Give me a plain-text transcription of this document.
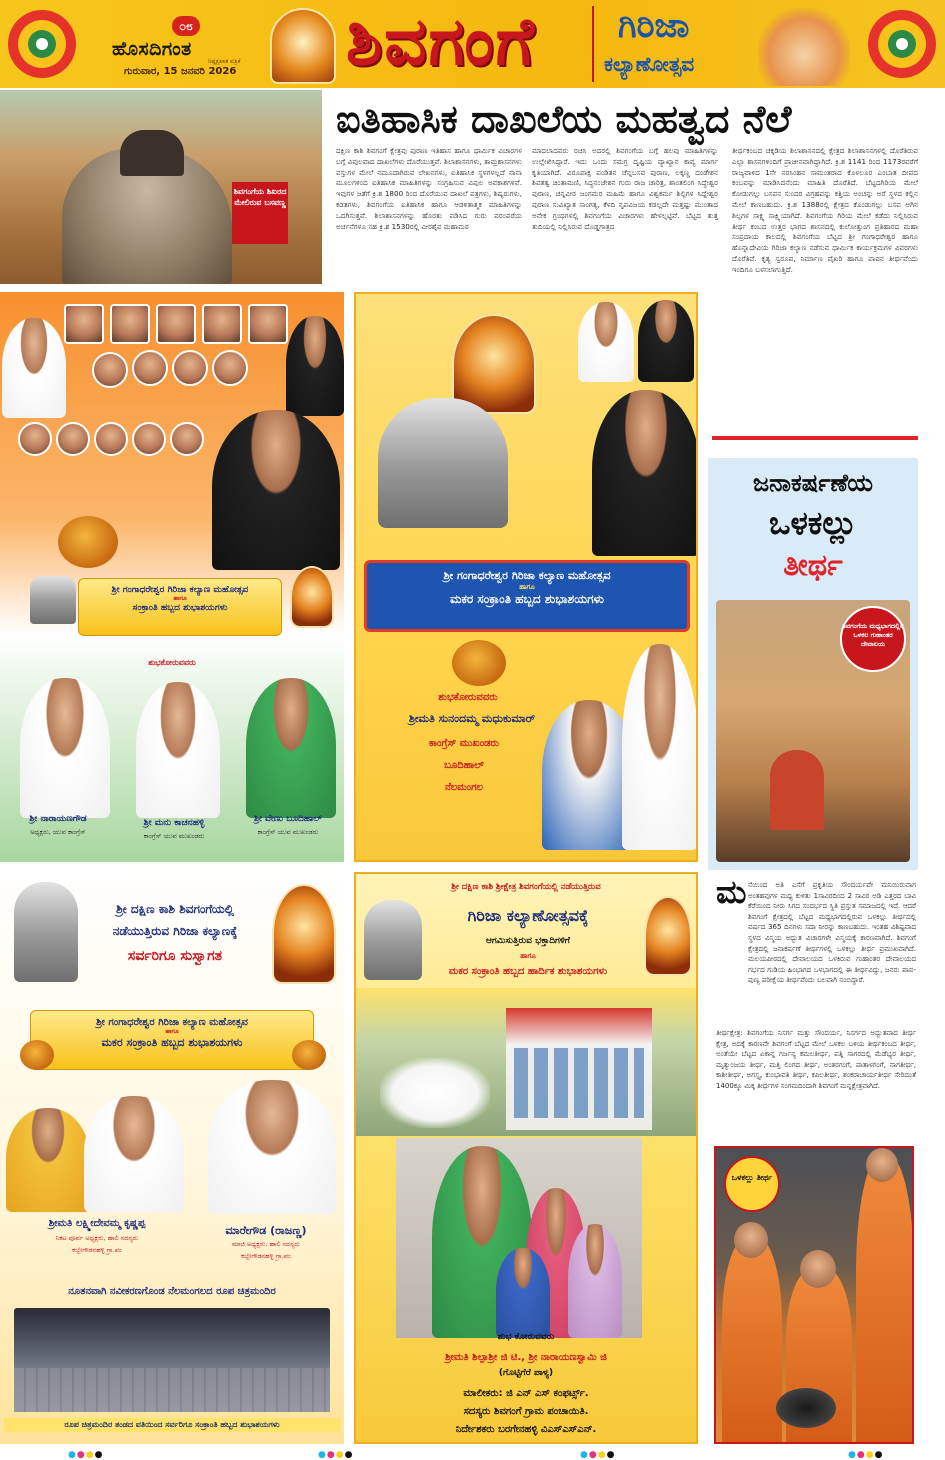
೦೮
ಹೊಸದಿಗಂತ
ನಿಷ್ಪಕ್ಷಪಾತ ಪತ್ರಿಕೆ
ಗುರುವಾರ, 15 ಜನವರಿ 2026 ಶಿವಗಂಗೆ ಗಿರಿಜಾ
ಕಲ್ಯಾಣೋತ್ಸವ
ಶಿವಗಂಗೆಯ ಶಿಖರದ ಮೇಲಿರುವ ಬಸವಣ್ಣ
ಐತಿಹಾಸಿಕ ದಾಖಲೆಯ ಮಹತ್ವದ ನೆಲೆ

ದಕ್ಷಿಣ ಕಾಶಿ ಶಿವಗಂಗೆ ಕ್ಷೇತ್ರವು ಪುರಾಣ ಇತಿಹಾಸ ಹಾಗೂ ಧಾರ್ಮಿಕ ವಿಚಾರಗಳ ಬಗ್ಗೆ ವಿಪುಲವಾದ ದಾಖಲೆಗಳು ದೊರೆಯುತ್ತವೆ. ಶಿಲಾಶಾಸನಗಳು, ತಾಮ್ರಶಾಸನಗಳು ವಸ್ತುಗಳ ಮೇಲೆ ನಮೂದಾಗಿರುವ ಲೇಖನಗಳು, ಐತಿಹಾಸಿಕ ಸ್ಥಳಗಳಲ್ಲದೆ ನಾನಾ ಮೂಲಗಳಿಂದ ಐತಿಹಾಸಿಕ ಮಾಹಿತಿಗಳನ್ನು ಸಂಗ್ರಹಿಸುವ ವಿಪುಲ ಅವಕಾಶಗಳಿವೆ. ಇವುಗಳ ಜತೆಗೆ ಕ್ರಿ.ಶ 1800 ರಿಂದ ದೊರೆಯುವ ದಾಖಲೆ ಪತ್ರಗಳು, ಶಿಷ್ಯರುಗಳು, ಕಡತಗಳು, ಶಿವಗಂಗೆಯ ಐತಿಹಾಸಿಕ ಹಾಗೂ ಆಡಳಿತಾತ್ಮಕ ಮಾಹಿತಿಗಳನ್ನು ಒದಗಿಸುತ್ತವೆ. ಶಿಲಾಶಾಸನಗಳನ್ನು ಹೊರತು ಪಡಿಸಿದ ಗುರು ಪರಂಪರೆಯ ಅರ್ಚನೆಗಳೂ ಸಹ ಕ್ರಿ.ಶ 1530ರಲ್ಲಿ ವೀರಶೈವ ಮಹಾಮಠ

ಮಾದಲಾದವರು ರಚಿಸಿ ಅದರಲ್ಲಿ ಶಿವಗಂಗೆಯ ಬಗ್ಗೆ ಹಲವು ಮಾಹಿತಿಗಳನ್ನು ಉಲ್ಲೇಖಿಸಿದ್ದಾರೆ. ಇದು ಒಂದು ಸಮಗ್ರ ದೃಷ್ಟಿಯ ವ್ಯಾಖ್ಯಾನ ಕಾವ್ಯ ಮಾರ್ಗ ಕೃತಿಯಾಗಿದೆ. ವಿರೂಪಾಕ್ಷ ಪಂಡಿತನ ಚೆನ್ನಬಸವ ಪುರಾಣ, ಲಕ್ಕಣ್ಣ ದಂಡೇಶನ ಶಿವತತ್ವ ಚಿಂತಾಮಣಿ, ಸಿದ್ಧನಂಜೇಶನ ಗುರು ರಾಜ ಚಾರಿತ್ರ, ಶಾಂತಲಿಂಗ ಸಿದ್ಧೇಶ್ವರ ಪುರಾಣ, ಚನ್ನವೀರ ಜಂಗಮರ ಮಹಿಮೆ ಹಾಗೂ ವಿಶ್ವಕರ್ಮ ಶಿಲ್ಪಿಗಳ ಸಿದ್ದೇಶ್ವರ ಪುರಾಣ ಸುವಿಖ್ಯಾತ ಸಾಂಗತ್ಯ, ಕೆಳದಿ ನೃಪವಿಜಯ ಕಡಲ್ಲದೇ ಮತ್ತಷ್ಟು ಮುಂತಾದ ಅನೇಕ ಗ್ರಂಥಗಳಲ್ಲಿ ಶಿವಗಂಗೆಯ ವಿಚಾರಗಳು ಹೇಳಲ್ಪಟ್ಟಿವೆ. ಬೆಟ್ಟದ ತುತ್ತ ತುದಿಯಲ್ಲಿ ನಿಲ್ಲಿಸಿರುವ ದೊಡ್ಡಗಾತ್ರದ

ತೀರ್ಥಕಂಬದ ಚಕ್ಕಡಿಯ ಶಿಲಾಶಾಸನದಲ್ಲಿ ಕ್ಷೇತ್ರದ ಶಿಲಾಶಾಸನಗಳಲ್ಲಿ ದೊರೆತಿರುವ ಎಲ್ಲಾ ಶಾಸನಗಳಿಂದಿಗೆ ಪ್ರಾಚೀನವಾಗಿದ್ದಾಗಿದೆ. ಕ್ರಿ.ಶ 1141 ರಿಂದ 1173ರವರೆಗೆ ರಾಜ್ಯವಾಳಿದ 1ನೇ ನರಸಿಂಹನ ಸಾಮಂತರಾದ ಕೊಳಲೂರ ಎಂಬಾತ ದೀಪದ ಕಂಬವನ್ನು ಮಾಡಿಸಿದನೆಂದು ಮಾಹಿತಿ ದೊರೆತಿದೆ. ಬೆಟ್ಟದಗಿರಿಯ ಮೇಲೆ ಕೋಡುಗಲ್ಲು ಬಸವನ ಸುಂದರ ವಿಗ್ರಹವನ್ನು ಕತ್ತಿಯ ಅಂಚನ್ನು ಅರೆ ಸ್ಥಳದ ಕಲ್ಲಿನ ಮೇಲೆ ಕಾಣಬಹುದು. ಕ್ರಿ.ಶ 1388ರಲ್ಲಿ ಕ್ಷೇತ್ರದ ಕೊಂಡುಗಲ್ಲು ಬಸವ ಅಗಿನ ಶಿಲ್ಪಗಳ ಸಾಕ್ಷ್ಯ ಸಾಕ್ಷ್ಯಿಯಾಗಿದೆ. ಶಿವಗಂಗೆಯ ಗಿರಿಯ ಮೇಲೆ ಕಡೆದು ನಿಲ್ಲಿಸಿರುವ ತೀರ್ಥ ಕಂಬದ ಉತ್ತರ ಭಾಗದ ಶಾಸನದಲ್ಲಿ ಕುಲೋತ್ತುಂಗ ಪ್ರತಿಹಾರದ ಮಹಾ ಸಂಪ್ರದಾಯ ಕಾಲದಲ್ಲಿ ಶಿವಗಂಗೆಯ ಬೆಟ್ಟದ ಶ್ರೀ ಗಂಗಾಧರೇಶ್ವರ ಹಾಗೂ ಹೊನ್ನಾದೇವಿಯ ಗಿರಿಜಾ ಕಲ್ಯಾಣ ನಡೆಸುವ ಧಾರ್ಮಿಕ ಕಾರ್ಯಕ್ರಮಗಳ ವಿವರಗಳು ದೊರೆತಿವೆ. ಕೃತ್ಯ ಸ್ವರೂಪ, ನಿರ್ಮಾಣ ವೈಖರಿ ಹಾಗೂ ಪಾವನ ತೀರ್ಥವೆಂದು ಇಂದಿಗೂ ಬಳಸಲಾಗುತ್ತಿದೆ.

ಶ್ರೀ ಗಂಗಾಧರೇಶ್ವರ ಗಿರಿಜಾ ಕಲ್ಯಾಣ ಮಹೋತ್ಸವ
ಹಾಗೂ
ಸಂಕ್ರಾಂತಿ ಹಬ್ಬದ ಶುಭಾಶಯಗಳು
ಶುಭಕೋರುವವರು
ಶ್ರೀ ನಾರಾಯಣಗೌಡ
ಅಧ್ಯಕ್ಷರು, ಯುವ ಕಾಂಗ್ರೆಸ್
ಶ್ರೀ ಮನು ಕಾಚನಹಳ್ಳಿ
ಕಾಂಗ್ರೆಸ್ ಯುವ ಮುಖಂಡರು
ಶ್ರೀ ವೇಣು ಬೂದಿಹಾಲ್
ಕಾಂಗ್ರೆಸ್ ಯುವ ಮುಖಂಡರು
ಶ್ರೀ ಗಂಗಾಧರೇಶ್ವರ ಗಿರಿಜಾ ಕಲ್ಯಾಣ ಮಹೋತ್ಸವ
ಹಾಗೂ
ಮಕರ ಸಂಕ್ರಾಂತಿ ಹಬ್ಬದ ಶುಭಾಶಯಗಳು
ಶುಭಕೋರುವವರು
ಶ್ರೀಮತಿ ಸುನಂದಮ್ಮ ಮಧುಕುಮಾರ್
ಕಾಂಗ್ರೆಸ್ ಮುಖಂಡರು
ಬೂದಿಹಾಲ್
ನೆಲಮಂಗಲ
ಶ್ರೀ ದಕ್ಷಿಣ ಕಾಶಿ ಶಿವಗಂಗೆಯಲ್ಲಿ
ನಡೆಯುತ್ತಿರುವ ಗಿರಿಜಾ ಕಲ್ಯಾಣಕ್ಕೆ
ಸರ್ವರಿಗೂ ಸುಸ್ವಾಗತ
ಶ್ರೀ ಗಂಗಾಧರೇಶ್ವರ ಗಿರಿಜಾ ಕಲ್ಯಾಣ ಮಹೋತ್ಸವ
ಹಾಗೂ
ಮಕರ ಸಂಕ್ರಾಂತಿ ಹಬ್ಬದ ಶುಭಾಶಯಗಳು
ಶ್ರೀಮತಿ ಲಕ್ಷ್ಮೀದೇವಮ್ಮ ಕೃಷ್ಣಪ್ಪ
ನಿಕಟ ಪೂರ್ವ ಅಧ್ಯಕ್ಷರು, ಹಾಲಿ ಸದಸ್ಯರು
ಕಬ್ಬೇಗೌಡನಹಳ್ಳಿ ಗ್ರಾ.ಪಂ
ಮಾರೇಗೌಡ (ರಾಜಣ್ಣ)
ಮಾಜಿ ಅಧ್ಯಕ್ಷರು, ಹಾಲಿ ಸದಸ್ಯರು
ಕಬ್ಬೇಗೌಡನಹಳ್ಳಿ ಗ್ರಾ.ಪಂ
ನೂತನವಾಗಿ ನವೀಕರಣಗೊಂಡ ನೆಲಮಂಗಲದ ರೂಪ ಚಿತ್ರಮಂದಿರ
ರೂಪ ಚಿತ್ರಮಂದಿರ ತಂಡದ ವತಿಯಿಂದ ಸರ್ವರಿಗೂ ಸಂಕ್ರಾಂತಿ ಹಬ್ಬದ ಶುಭಾಶಯಗಳು
ಶ್ರೀ ದಕ್ಷಿಣ ಕಾಶಿ ಶ್ರೀಕ್ಷೇತ್ರ ಶಿವಗಂಗೆಯಲ್ಲಿ ನಡೆಯುತ್ತಿರುವ
ಗಿರಿಜಾ ಕಲ್ಯಾಣೋತ್ಸವಕ್ಕೆ
ಆಗಮಿಸುತ್ತಿರುವ ಭಕ್ತಾದಿಗಳಿಗೆ
ಹಾಗೂ
ಮಕರ ಸಂಕ್ರಾಂತಿ ಹಬ್ಬದ ಹಾರ್ದಿಕ ಶುಭಾಶಯಗಳು
ಶುಭ ಕೋರುವವರು
ಶ್ರೀಮತಿ ಶಿಲ್ಪಾಶ್ರೀ ಜಿ ಟಿ., ಶ್ರೀ ನಾರಾಯಣಸ್ವಾಮಿ ಜಿ
(ಗೊಟ್ಟಿಗೆರೆ ಪಾಳ್ಯ)
ಮಾಲೀಕರು: ಜಿ ಎನ್ ಎಸ್ ಕಂಫರ್ಟ್ಸ್.
ಸದಸ್ಯರು ಶಿವಗಂಗೆ ಗ್ರಾಮ ಪಂಚಾಯಿತಿ.
ನಿರ್ದೇಶಕರು ಬರಗೇನಹಳ್ಳಿ ವಿಎಸ್ಎಸ್ಎನ್.
ಜನಾಕರ್ಷಣೆಯ
ಒಳಕಲ್ಲು
ತೀರ್ಥ
ಶಿವಗಂಗೆಯ ಮಧ್ಯಭಾಗದಲ್ಲಿನ ಒಳಕಲ ಗುಹಾಂತರ ದೇವಾಲಯ
ಮ ನೆಯಿಂದ ಅತಿ ಎಸೆಗೆ ಪ್ರಕೃತಿಯ ಸೌಂದರ್ಯವೇ ಮನಿಯಿರುವಾಗ ಅಂತಹವುಗಳ ಮಧ್ಯ ಕುಳಿತು 1ಸಾವಿರದಿಂದ 2 ಸಾವಿರ ಅಡಿ ಎತ್ತರದ ಬಾವಿ ಕೆರೆಯಿಂದ ನೀರು ಸಿಗದ ಸಂದರ್ಭದ ಸ್ಥಿತಿ ಪ್ರಸ್ತುತ ಸಮಾಜದಲ್ಲಿ ಇದೆ. ಆದರೆ ಶಿವಗಂಗೆ ಕ್ಷೇತ್ರದಲ್ಲಿ ಬೆಟ್ಟದ ಮಧ್ಯಭಾಗದಲ್ಲಿರುವ ಒಳಕಲ್ಲು ತೀರ್ಥದಲ್ಲಿ ವರ್ಷದ 365 ದಿನಗಳು ಸದಾ ನೀರನ್ನು ಕಾಣಬಹುದು. ಇಂತಹ ವಿಶಿಷ್ಟವಾದ ಸ್ಥಳದ ವಿಸ್ಮಯ ಅದ್ಭುತ ವಿಚಾರಗಳೇ ವಿಸ್ಮಯಕ್ಕೆ ಕಾರಣವಾಗಿದೆ. ಶಿವಗಂಗೆ ಕ್ಷೇತ್ರದಲ್ಲಿ ಜನಾಕರ್ಷಣೆ ತೀರ್ಥಗಳಲ್ಲಿ ಒಳಕಲ್ಲು ತೀರ್ಥ ಪ್ರಮುಖವಾಗಿದೆ. ಮಲಯಪೀಠದಲ್ಲಿ ದೇವಾಲಯದ ಒಳಕಿರುವ ಗುಹಾಂತರ ದೇವಾಲಯದ ಗರ್ಭದ ಗುಡಿಯ ಹಿಂಭಾಗದ ಒಳಭಾಗದಲ್ಲಿ ಈ ತೀರ್ಥವಿದ್ದು, ಜನರು ಪಾಪ-ಪುಣ್ಯ ಪರೀಕ್ಷೆಯ ತೀರ್ಥವೆಂದು ಬಲವಾಗಿ ನಂಬಿದ್ದಾರೆ.

ತೀರ್ಥಕ್ಷೇತ್ರ: ಶಿವಗಂಗೆಯ ನಿಸರ್ಗ ಮತ್ತು ಸೌಂದರ್ಯ, ನಿಸರ್ಗದ ಅಧ್ಬುತವಾದ ತೀರ್ಥ ಕ್ಷೇತ್ರ, ಅದಕ್ಕೆ ಕಾರಣವೇ ಶಿವಗಂಗೆ ಬೆಟ್ಟದ ಮೇಲೆ ಒಳಕಲ ಬಳಿಯ ತೀರ್ಥಕಂಬದ ತೀರ್ಥ, ಅಂತೆಯೇ ಬೆಟ್ಟದ ಏಕಾನ್ನ ಗರ್ಜನ್ಯ ಕಮಲತೀರ್ಥ, ಪತ್ನಿ ಸಾಗರದಲ್ಲಿ ಮೆಡೆಭ್ಯರ ತೀರ್ಥ, ಮೃತ್ಯುಂಜಯ ತೀರ್ಥ, ಮತ್ತಿ ಲಿಂಗದ ತೀರ್ಥ, ಅಂತರಗಂಗೆ, ಪಾತಾಳಗಂಗೆ, ನಾಗತೀರ್ಥ, ಕಾಶೀತೀರ್ಥ, ಅಗಸ್ತ್ಯ, ಕುಂಭಾವತಿ ತೀರ್ಥ, ಕಪಿಲತೀರ್ಥ, ಶಂಕರಾಚಾರ್ಯತೀರ್ಥ ಸೇರಿದಂತೆ 1400ಕ್ಕೂ ಮಿಕ್ಕ ತೀರ್ಥಗಳ ಸಂಗಮದಿಂದಾಗಿ ಶಿವಗಂಗೆ ಮನ್ನಕ್ಷೇತ್ರವಾಗಿದೆ.

ಒಳಕಲ್ಲು ತೀರ್ಥ
●●●●	●●●●	●●●●	●●●●
